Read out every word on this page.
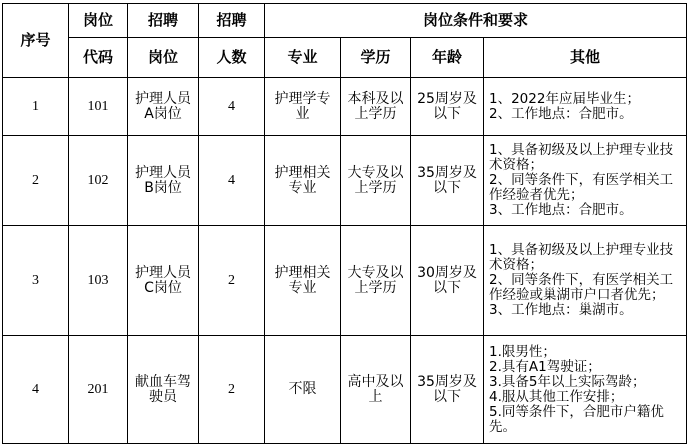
序号	岗位	招聘	招聘	岗位条件和要求			
	代码	岗位	人数	专业	学历	年龄	其他
1	101	护理人员A岗位	4	护理学专业	本科及以上学历	25周岁及以下	1、2022年应届毕业生；
2、工作地点：合肥市。

2	102	护理人员B岗位	4	护理相关专业	大专及以上学历	35周岁及以下	1、具备初级及以上护理专业技术资格；
2、同等条件下，有医学相关工作经验者优先；
3、工作地点：合肥市。

3	103	护理人员C岗位	2	护理相关专业	大专及以上学历	30周岁及以下	1、具备初级及以上护理专业技术资格；
2、同等条件下，有医学相关工作经验或巢湖市户口者优先；
3、工作地点：巢湖市。

4	201	献血车驾驶员	2	不限	高中及以上	35周岁及以下	1.限男性；
2.具有A1驾驶证；
3.具备5年以上实际驾龄；
4.服从其他工作安排；
5.同等条件下，合肥市户籍优先。
